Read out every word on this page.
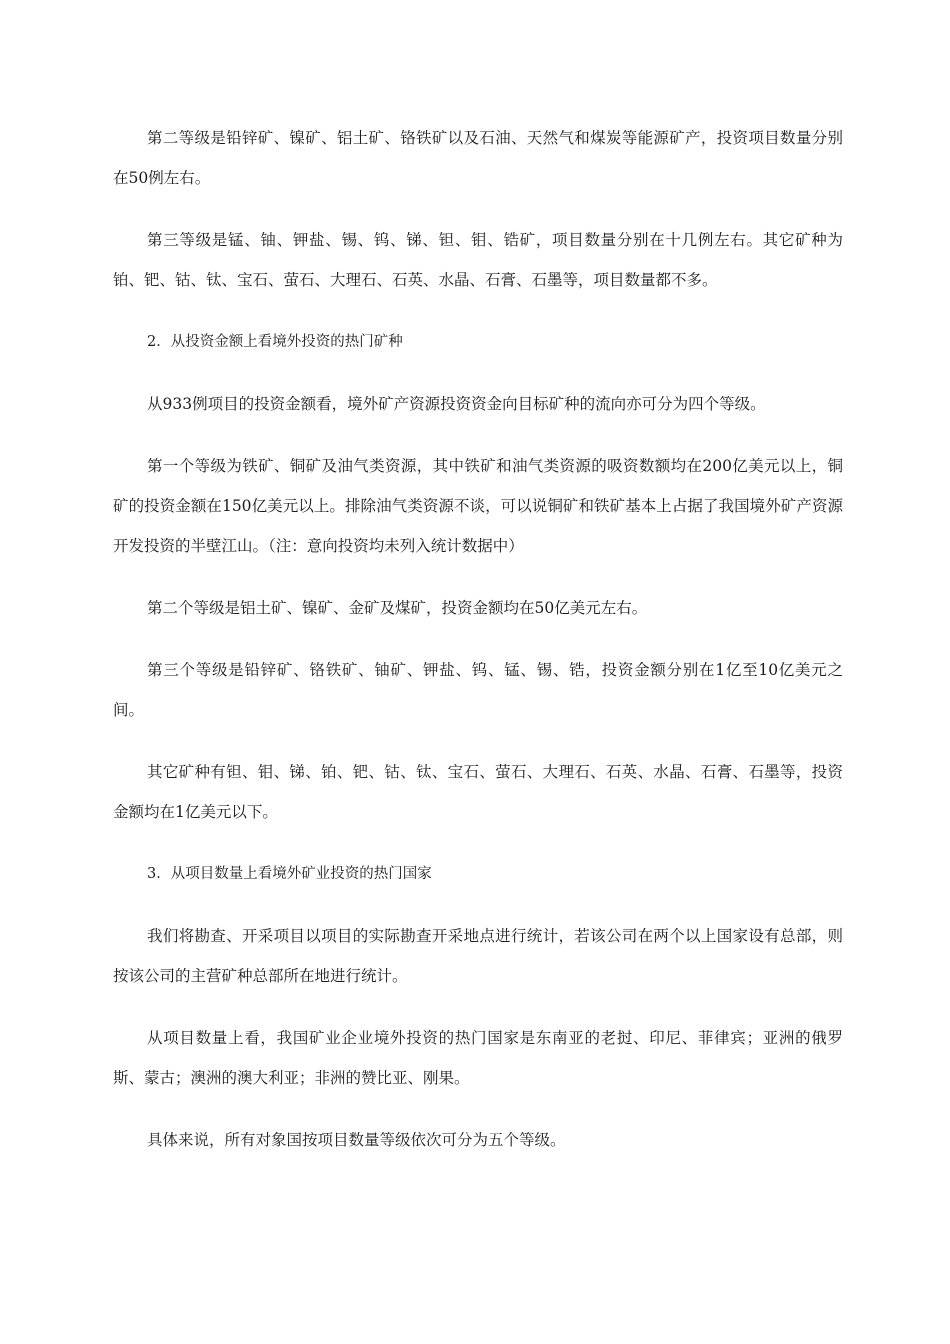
第二等级是铅锌矿、镍矿、铝土矿、铬铁矿以及石油、天然气和煤炭等能源矿产，投资项目数量分别在50例左右。

第三等级是锰、铀、钾盐、锡、钨、锑、钽、钼、锆矿，项目数量分别在十几例左右。其它矿种为铂、钯、钴、钛、宝石、萤石、大理石、石英、水晶、石膏、石墨等，项目数量都不多。

2．从投资金额上看境外投资的热门矿种

从933例项目的投资金额看，境外矿产资源投资资金向目标矿种的流向亦可分为四个等级。

第一个等级为铁矿、铜矿及油气类资源，其中铁矿和油气类资源的吸资数额均在200亿美元以上，铜矿的投资金额在150亿美元以上。排除油气类资源不谈，可以说铜矿和铁矿基本上占据了我国境外矿产资源开发投资的半壁江山。（注：意向投资均未列入统计数据中）

第二个等级是铝土矿、镍矿、金矿及煤矿，投资金额均在50亿美元左右。

第三个等级是铅锌矿、铬铁矿、铀矿、钾盐、钨、锰、锡、锆，投资金额分别在1亿至10亿美元之间。

其它矿种有钽、钼、锑、铂、钯、钴、钛、宝石、萤石、大理石、石英、水晶、石膏、石墨等，投资金额均在1亿美元以下。

3．从项目数量上看境外矿业投资的热门国家

我们将勘查、开采项目以项目的实际勘查开采地点进行统计，若该公司在两个以上国家设有总部，则按该公司的主营矿种总部所在地进行统计。

从项目数量上看，我国矿业企业境外投资的热门国家是东南亚的老挝、印尼、菲律宾；亚洲的俄罗斯、蒙古；澳洲的澳大利亚；非洲的赞比亚、刚果。

具体来说，所有对象国按项目数量等级依次可分为五个等级。
